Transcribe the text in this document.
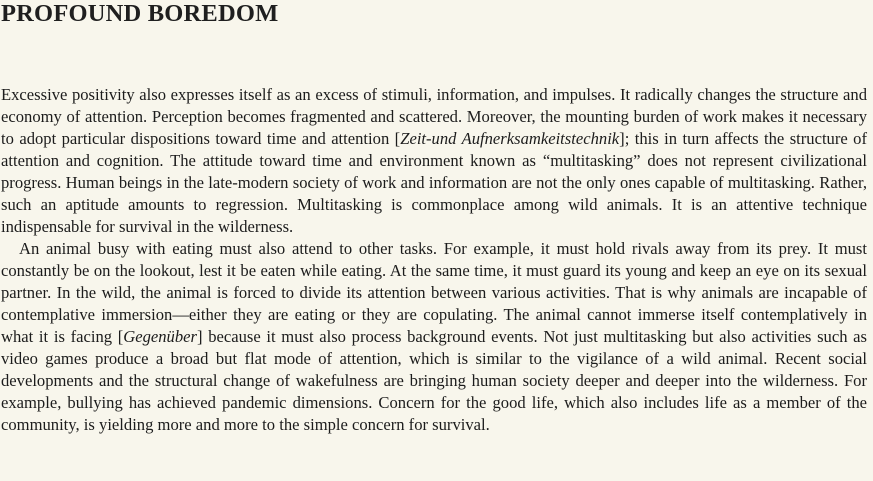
PROFOUND BOREDOM

Excessive positivity also expresses itself as an excess of stimuli, information, and impulses. It radically changes the structure and economy of attention. Perception becomes fragmented and scattered. Moreover, the mounting burden of work makes it necessary to adopt particular dispositions toward time and attention [Zeit-und Aufnerksamkeitstechnik]; this in turn affects the structure of attention and cognition. The attitude toward time and environment known as “multitasking” does not represent civilizational progress. Human beings in the late-modern society of work and information are not the only ones capable of multitasking. Rather, such an aptitude amounts to regression. Multitasking is commonplace among wild animals. It is an attentive technique indispensable for survival in the wilderness.

An animal busy with eating must also attend to other tasks. For example, it must hold rivals away from its prey. It must constantly be on the lookout, lest it be eaten while eating. At the same time, it must guard its young and keep an eye on its sexual partner. In the wild, the animal is forced to divide its attention between various activities. That is why animals are incapable of contemplative immersion—either they are eating or they are copulating. The animal cannot immerse itself contemplatively in what it is facing [Gegenüber] because it must also process background events. Not just multitasking but also activities such as video games produce a broad but flat mode of attention, which is similar to the vigilance of a wild animal. Recent social developments and the structural change of wakefulness are bringing human society deeper and deeper into the wilderness. For example, bullying has achieved pandemic dimensions. Concern for the good life, which also includes life as a member of the community, is yielding more and more to the simple concern for survival.
